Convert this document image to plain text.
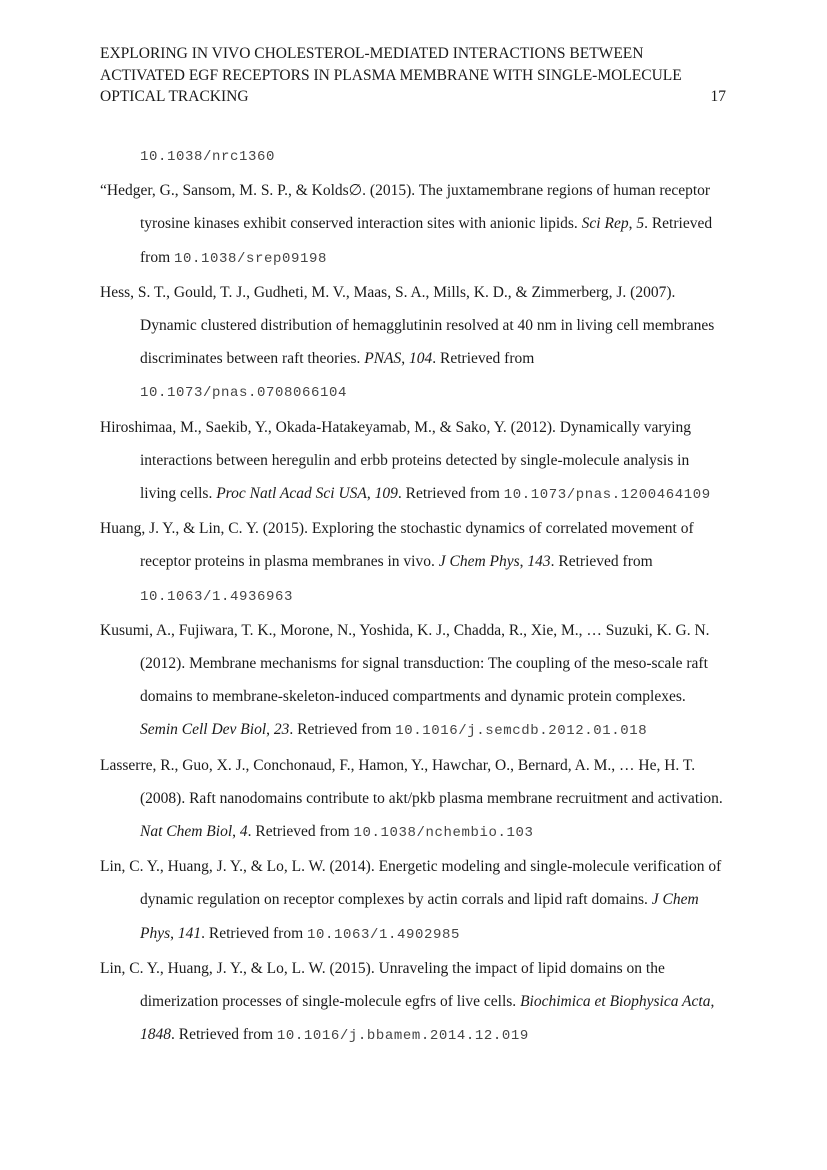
EXPLORING IN VIVO CHOLESTEROL-MEDIATED INTERACTIONS BETWEEN
ACTIVATED EGF RECEPTORS IN PLASMA MEMBRANE WITH SINGLE-MOLECULE
OPTICAL TRACKING	17
10.1038/nrc1360

“Hedger, G., Sansom, M. S. P., & Kolds∅. (2015). The juxtamembrane regions of human receptor tyrosine kinases exhibit conserved interaction sites with anionic lipids. Sci Rep, 5. Retrieved from 10.1038/srep09198

Hess, S. T., Gould, T. J., Gudheti, M. V., Maas, S. A., Mills, K. D., & Zimmerberg, J. (2007). Dynamic clustered distribution of hemagglutinin resolved at 40 nm in living cell membranes discriminates between raft theories. PNAS, 104. Retrieved from 10.1073/pnas.0708066104

Hiroshimaa, M., Saekib, Y., Okada-Hatakeyamab, M., & Sako, Y. (2012). Dynamically varying interactions between heregulin and erbb proteins detected by single-molecule analysis in living cells. Proc Natl Acad Sci USA, 109. Retrieved from 10.1073/pnas.1200464109

Huang, J. Y., & Lin, C. Y. (2015). Exploring the stochastic dynamics of correlated movement of receptor proteins in plasma membranes in vivo. J Chem Phys, 143. Retrieved from 10.1063/1.4936963

Kusumi, A., Fujiwara, T. K., Morone, N., Yoshida, K. J., Chadda, R., Xie, M., … Suzuki, K. G. N. (2012). Membrane mechanisms for signal transduction: The coupling of the meso-scale raft domains to membrane-skeleton-induced compartments and dynamic protein complexes. Semin Cell Dev Biol, 23. Retrieved from 10.1016/j.semcdb.2012.01.018

Lasserre, R., Guo, X. J., Conchonaud, F., Hamon, Y., Hawchar, O., Bernard, A. M., … He, H. T. (2008). Raft nanodomains contribute to akt/pkb plasma membrane recruitment and activation. Nat Chem Biol, 4. Retrieved from 10.1038/nchembio.103

Lin, C. Y., Huang, J. Y., & Lo, L. W. (2014). Energetic modeling and single-molecule verification of dynamic regulation on receptor complexes by actin corrals and lipid raft domains. J Chem Phys, 141. Retrieved from 10.1063/1.4902985

Lin, C. Y., Huang, J. Y., & Lo, L. W. (2015). Unraveling the impact of lipid domains on the dimerization processes of single-molecule egfrs of live cells. Biochimica et Biophysica Acta, 1848. Retrieved from 10.1016/j.bbamem.2014.12.019
